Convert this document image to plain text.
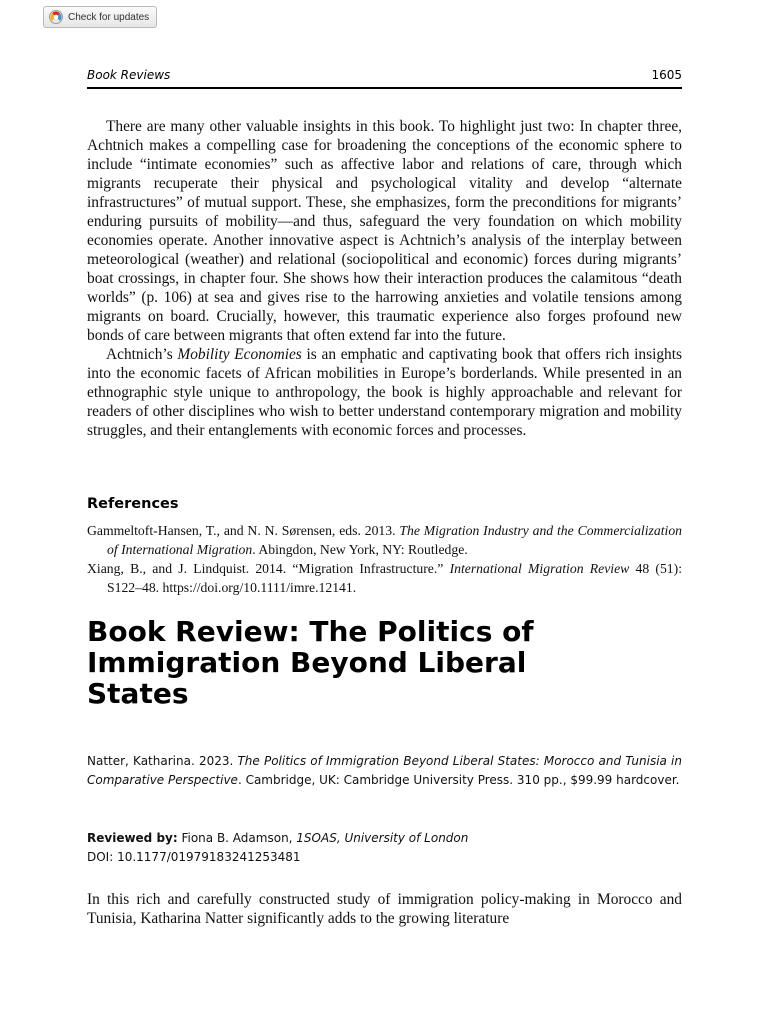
Check for updates
Book Reviews	1605

There are many other valuable insights in this book. To highlight just two: In chapter three, Achtnich makes a compelling case for broadening the conceptions of the economic sphere to include “intimate economies” such as affective labor and relations of care, through which migrants recuperate their physical and psychological vitality and develop “alternate infrastructures” of mutual support. These, she emphasizes, form the preconditions for migrants’ enduring pursuits of mobility—and thus, safeguard the very foundation on which mobility economies operate. Another innovative aspect is Achtnich’s analysis of the interplay between meteorological (weather) and relational (sociopolitical and economic) forces during migrants’ boat crossings, in chapter four. She shows how their interaction produces the calamitous “death worlds” (p. 106) at sea and gives rise to the harrowing anxieties and volatile tensions among migrants on board. Crucially, however, this traumatic experience also forges profound new bonds of care between migrants that often extend far into the future.

Achtnich’s Mobility Economies is an emphatic and captivating book that offers rich insights into the economic facets of African mobilities in Europe’s borderlands. While presented in an ethnographic style unique to anthropology, the book is highly approachable and relevant for readers of other disciplines who wish to better understand contemporary migration and mobility struggles, and their entanglements with economic forces and processes.

References

Gammeltoft-Hansen, T., and N. N. Sørensen, eds. 2013. The Migration Industry and the Commercialization of International Migration. Abingdon, New York, NY: Routledge.

Xiang, B., and J. Lindquist. 2014. “Migration Infrastructure.” International Migration Review 48 (51): S122–48. https://doi.org/10.1111/imre.12141.

Book Review: The Politics of Immigration Beyond Liberal States
Natter, Katharina. 2023. The Politics of Immigration Beyond Liberal States: Morocco and Tunisia in Comparative Perspective. Cambridge, UK: Cambridge University Press. 310 pp., $99.99 hardcover.
Reviewed by: Fiona B. Adamson, 1SOAS, University of London
DOI: 10.1177/01979183241253481

In this rich and carefully constructed study of immigration policy-making in Morocco and Tunisia, Katharina Natter significantly adds to the growing literature
